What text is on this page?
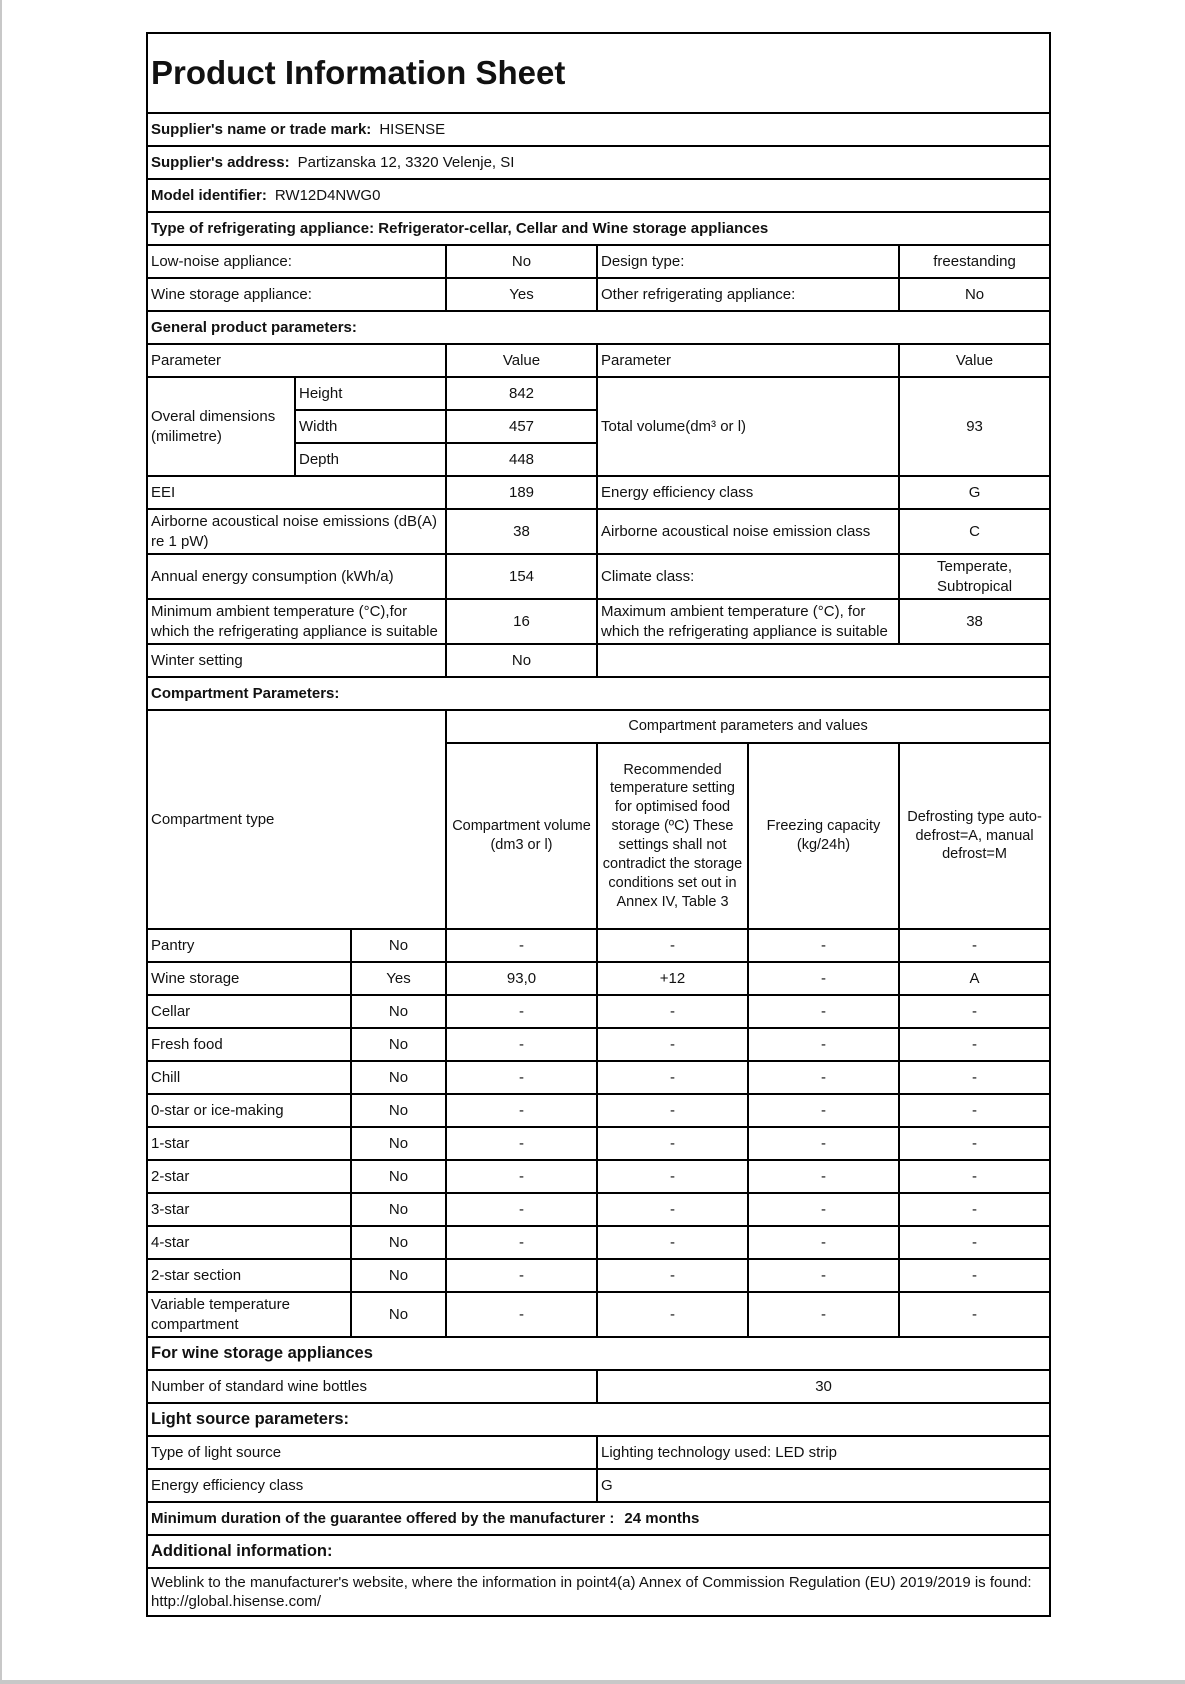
Product Information Sheet						
Supplier's name or trade mark: HISENSE						
Supplier's address: Partizanska 12, 3320 Velenje, SI						
Model identifier: RW12D4NWG0						
Type of refrigerating appliance: Refrigerator-cellar, Cellar and Wine storage appliances						
Low-noise appliance:			No	Design type:		freestanding
Wine storage appliance:			Yes	Other refrigerating appliance:		No
General product parameters:						
Parameter			Value	Parameter		Value
Overal dimensions (milimetre)	Height		842	Total volume(dm³ or l)		93
	Width		457			
	Depth		448			
EEI			189	Energy efficiency class		G
Airborne acoustical noise emissions (dB(A) re 1 pW)			38	Airborne acoustical noise emission class		C
Annual energy consumption (kWh/a)			154	Climate class:		Temperate, Subtropical
Minimum ambient temperature (°C),for which the refrigerating appliance is suitable			16	Maximum ambient temperature (°C), for which the refrigerating appliance is suitable		38
Winter setting			No			
Compartment Parameters:						
Compartment type			Compartment parameters and values			
			Compartment volume (dm3 or l)	Recommended temperature setting for optimised food storage (ºC) These settings shall not contradict the storage conditions set out in Annex IV, Table 3	Freezing capacity (kg/24h)	Defrosting type auto-defrost=A, manual defrost=M
Pantry		No	-	-	-	-
Wine storage		Yes	93,0	+12	-	A
Cellar		No	-	-	-	-
Fresh food		No	-	-	-	-
Chill		No	-	-	-	-
0-star or ice-making		No	-	-	-	-
1-star		No	-	-	-	-
2-star		No	-	-	-	-
3-star		No	-	-	-	-
4-star		No	-	-	-	-
2-star section		No	-	-	-	-
Variable temperature compartment		No	-	-	-	-
For wine storage appliances						
Number of standard wine bottles				30		
Light source parameters:						
Type of light source				Lighting technology used: LED strip		
Energy efficiency class				G		
Minimum duration of the guarantee offered by the manufacturer : 24 months						
Additional information:						
Weblink to the manufacturer's website, where the information in point4(a) Annex of Commission Regulation (EU) 2019/2019 is found: http://global.hisense.com/						
